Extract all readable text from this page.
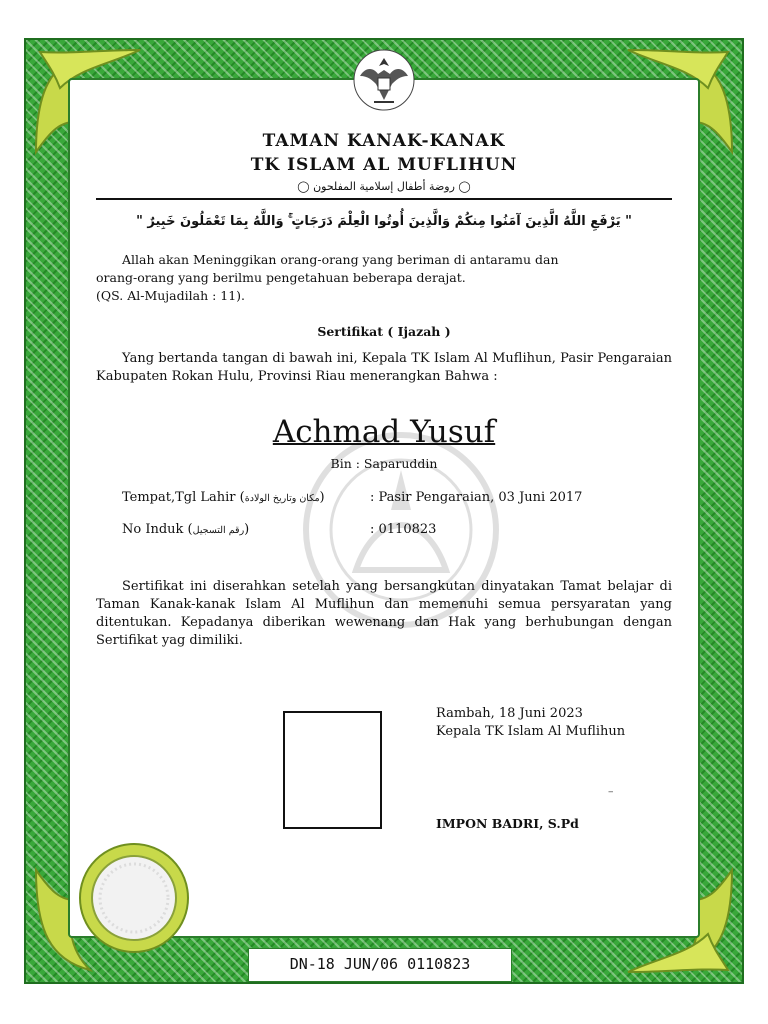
TAMAN KANAK-KANAK
TK ISLAM AL MUFLIHUN
◯ روضة أطفال إسلامية المفلحون ◯
" يَرْفَعِ اللَّهُ الَّذِينَ آمَنُوا مِنكُمْ وَالَّذِينَ أُوتُوا الْعِلْمَ دَرَجَاتٍ ۚ وَاللَّهُ بِمَا تَعْمَلُونَ خَبِيرٌ "

Allah akan Meninggikan orang-orang yang beriman di antaramu dan

orang-orang yang berilmu pengetahuan beberapa derajat.

(QS. Al-Mujadilah : 11).

Sertifikat ( Ijazah )
Yang bertanda tangan di bawah ini, Kepala TK Islam Al Muflihun, Pasir Pengaraian Kabupaten Rokan Hulu, Provinsi Riau menerangkan Bahwa :
Achmad Yusuf
Bin : Saparuddin
Tempat,Tgl Lahir (مكان وتاريخ الولادة)	: Pasir Pengaraian, 03 Juni 2017
No Induk (رقم التسجيل)	: 0110823
Sertifikat ini diserahkan setelah yang bersangkutan dinyatakan Tamat belajar di Taman Kanak-kanak Islam Al Muflihun dan memenuhi semua persyaratan yang ditentukan. Kepadanya diberikan wewenang dan Hak yang berhubungan dengan Sertifikat yag dimiliki.
Rambah, 18 Juni 2023
Kepala TK Islam Al Muflihun
–
IMPON BADRI, S.Pd
DN-18 JUN/06 0110823
